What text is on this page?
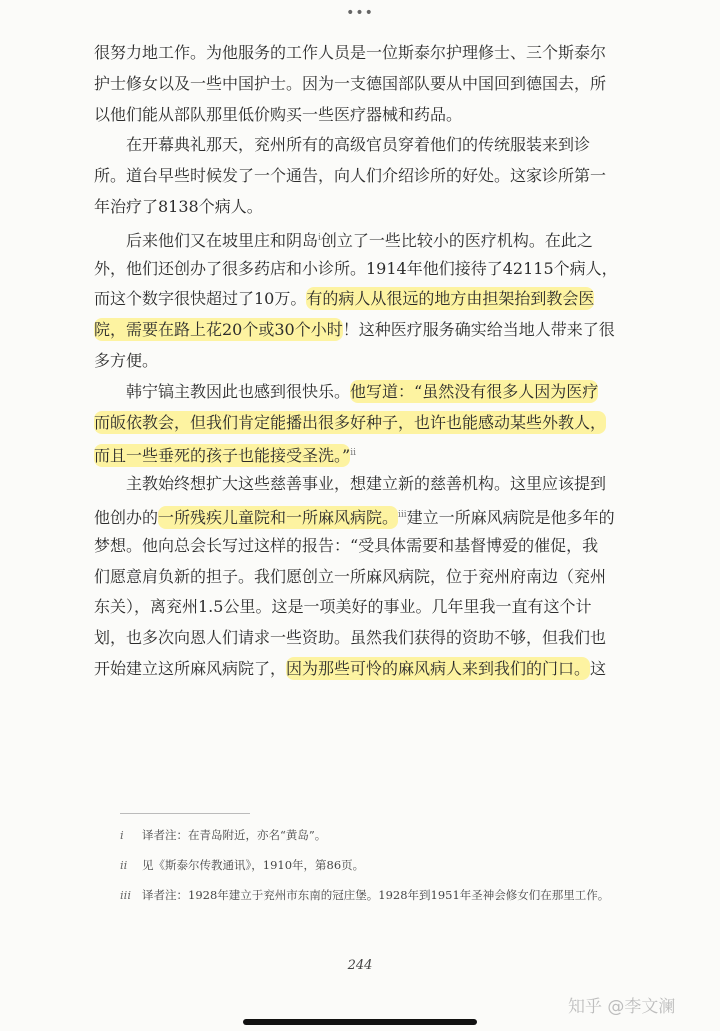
•••
很努力地工作。为他服务的工作人员是一位斯泰尔护理修士、三个斯泰尔
护士修女以及一些中国护士。因为一支德国部队要从中国回到德国去，所
以他们能从部队那里低价购买一些医疗器械和药品。
在开幕典礼那天，兖州所有的高级官员穿着他们的传统服装来到诊
所。道台早些时候发了一个通告，向人们介绍诊所的好处。这家诊所第一
年治疗了8138个病人。
后来他们又在坡里庄和阴岛$^i$创立了一些比较小的医疗机构。在此之
外，他们还创办了很多药店和小诊所。1914年他们接待了42115个病人，
而这个数字很快超过了10万。有的病人从很远的地方由担架抬到教会医
院，需要在路上花20个或30个小时！这种医疗服务确实给当地人带来了很
多方便。
韩宁镐主教因此也感到很快乐。他写道：“虽然没有很多人因为医疗
而皈依教会，但我们肯定能播出很多好种子，也许也能感动某些外教人，
而且一些垂死的孩子也能接受圣洗。”$^{ii}$
主教始终想扩大这些慈善事业，想建立新的慈善机构。这里应该提到
他创办的一所残疾儿童院和一所麻风病院。$^{iii}$建立一所麻风病院是他多年的
梦想。他向总会长写过这样的报告：“受具体需要和基督博爱的催促，我
们愿意肩负新的担子。我们愿创立一所麻风病院，位于兖州府南边（兖州
东关），离兖州1.5公里。这是一项美好的事业。几年里我一直有这个计
划，也多次向恩人们请求一些资助。虽然我们获得的资助不够，但我们也
开始建立这所麻风病院了，因为那些可怜的麻风病人来到我们的门口。这
i 译者注：在青岛附近，亦名“黄岛”。
ii 见《斯泰尔传教通讯》，1910年，第86页。
iii 译者注：1928年建立于兖州市东南的冠庄堡。1928年到1951年圣神会修女们在那里工作。
244
知乎 @李文澜
